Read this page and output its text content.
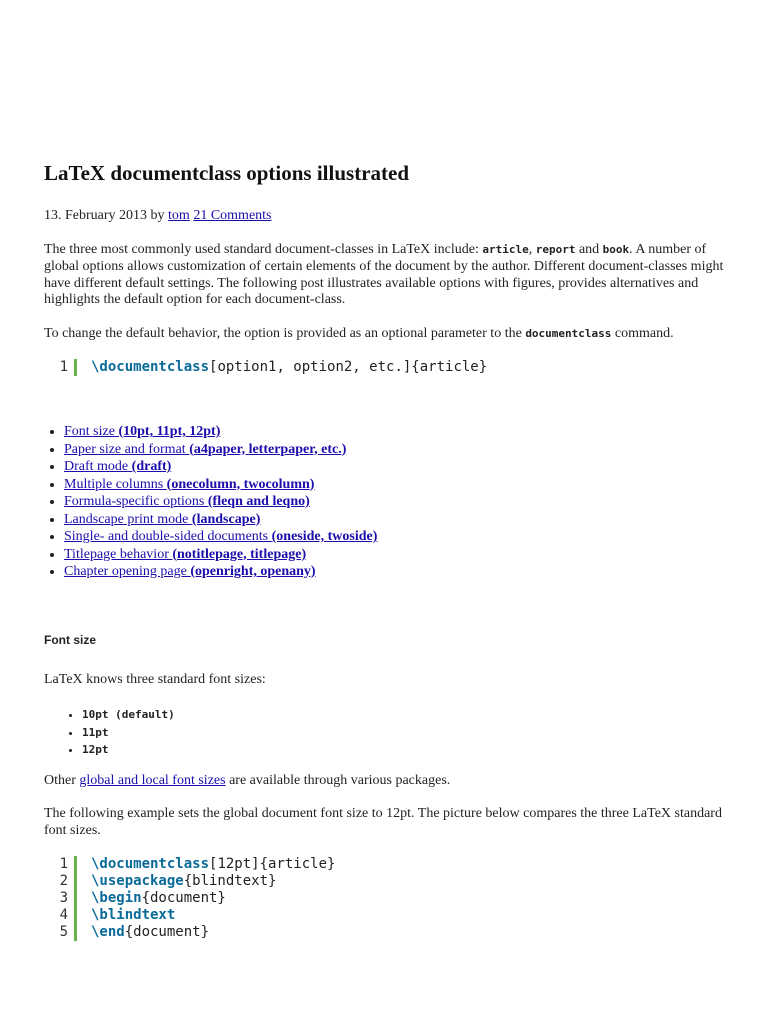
LaTeX documentclass options illustrated
13. February 2013 by tom 21 Comments

The three most commonly used standard document-classes in LaTeX include: article, report and book. A number of global options allows customization of certain elements of the document by the author. Different document-classes might have different default settings. The following post illustrates available options with figures, provides alternatives and highlights the default option for each document-class.

To change the default behavior, the option is provided as an optional parameter to the documentclass command.

1	\documentclass [option1, option2, etc.]{article}
• Font size (10pt, 11pt, 12pt)
• Paper size and format (a4paper, letterpaper, etc.)
• Draft mode (draft)
• Multiple columns (onecolumn, twocolumn)
• Formula-specific options (fleqn and leqno)
• Landscape print mode (landscape)
• Single- and double-sided documents (oneside, twoside)
• Titlepage behavior (notitlepage, titlepage)
• Chapter opening page (openright, openany)
Font size

LaTeX knows three standard font sizes:

• 10pt (default)
• 11pt
• 12pt

Other global and local font sizes are available through various packages.

The following example sets the global document font size to 12pt. The picture below compares the three LaTeX standard font sizes.

1	\documentclass [12pt]{article}
2	\usepackage {blindtext}
3	\begin {document}
4	\blindtext
5	\end {document}
